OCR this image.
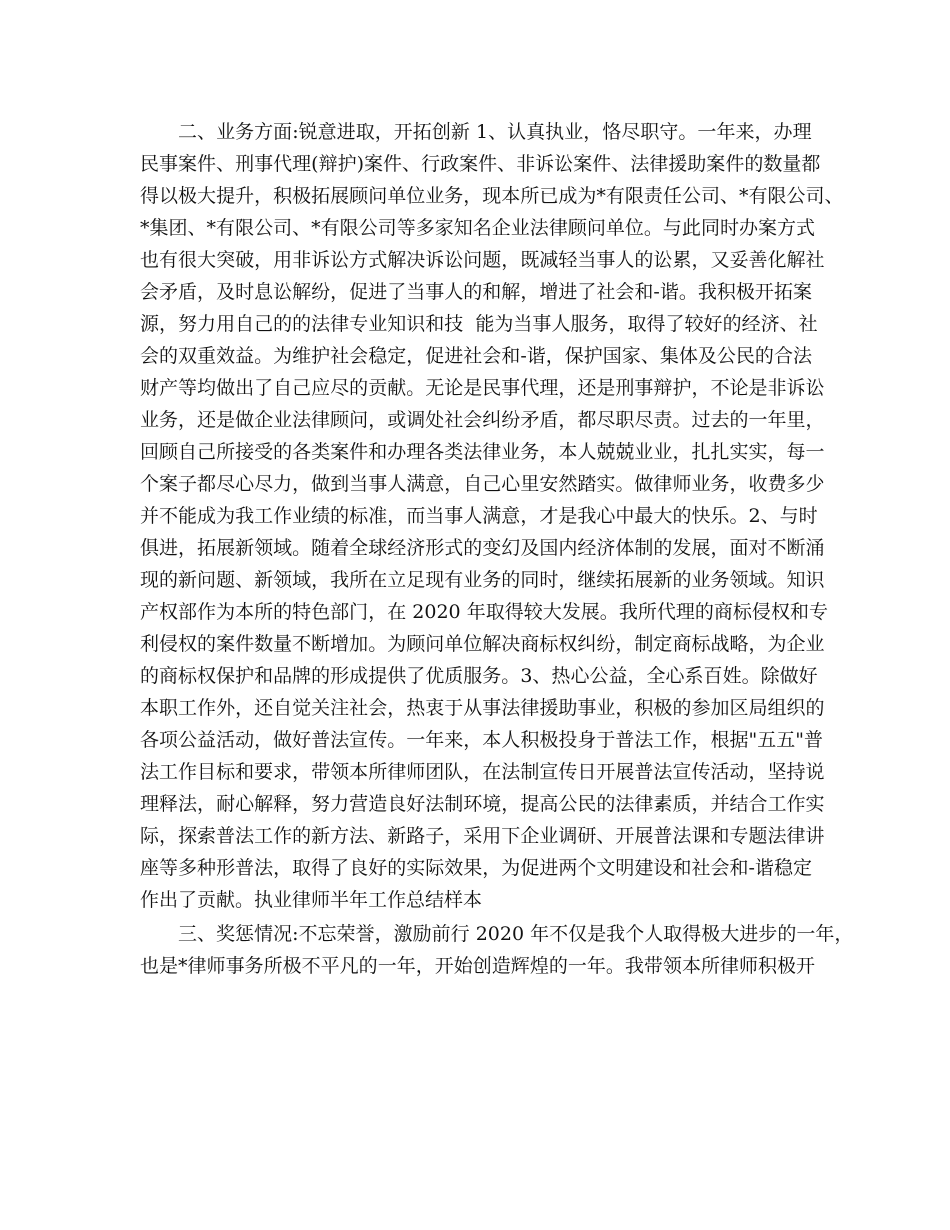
二 、 业 务 方 面 : 锐 意 进 取 ， 开 拓 创 新
1 、 认 真 执 业 ， 恪 尽 职 守 。 一 年 来 ， 办 理
民 事 案 件 、 刑 事 代 理 ( 辩 护 ) 案 件 、 行 政 案 件 、 非 诉 讼 案 件 、 法 律 援 助 案 件 的 数 量 都
得 以 极 大 提 升 ， 积 极 拓 展 顾 问 单 位 业 务 ， 现 本 所 已 成 为 * 有 限 责 任 公 司 、 * 有 限 公 司 、
* 集 团 、 * 有 限 公 司 、 * 有 限 公 司 等 多 家 知 名 企 业 法 律 顾 问 单 位 。 与 此 同 时 办 案 方 式
也 有 很 大 突 破 ， 用 非 诉 讼 方 式 解 决 诉 讼 问 题 ， 既 减 轻 当 事 人 的 讼 累 ， 又 妥 善 化 解 社
会 矛 盾 ， 及 时 息 讼 解 纷 ， 促 进 了 当 事 人 的 和 解 ， 增 进 了 社 会 和 - 谐 。 我 积 极 开 拓 案
源 ， 努 力 用 自 己 的 的 法 律 专 业 知 识 和 技

能 为 当 事 人 服 务 ， 取 得 了 较 好 的 经 济 、 社
会 的 双 重 效 益 。 为 维 护 社 会 稳 定 ， 促 进 社 会 和 - 谐 ， 保 护 国 家 、 集 体 及 公 民 的 合 法
财 产 等 均 做 出 了 自 己 应 尽 的 贡 献 。 无 论 是 民 事 代 理 ， 还 是 刑 事 辩 护 ， 不 论 是 非 诉 讼
业 务 ， 还 是 做 企 业 法 律 顾 问 ， 或 调 处 社 会 纠 纷 矛 盾 ， 都 尽 职 尽 责 。 过 去 的 一 年 里 ，
回 顾 自 己 所 接 受 的 各 类 案 件 和 办 理 各 类 法 律 业 务 ， 本 人 兢 兢 业 业 ， 扎 扎 实 实 ， 每 一
个 案 子 都 尽 心 尽 力 ， 做 到 当 事 人 满 意 ， 自 己 心 里 安 然 踏 实 。 做 律 师 业 务 ， 收 费 多 少
并 不 能 成 为 我 工 作 业 绩 的 标 准 ， 而 当 事 人 满 意 ， 才 是 我 心 中 最 大 的 快 乐 。 2 、 与 时
俱 进 ， 拓 展 新 领 域 。 随 着 全 球 经 济 形 式 的 变 幻 及 国 内 经 济 体 制 的 发 展 ， 面 对 不 断 涌
现 的 新 问 题 、 新 领 域 ， 我 所 在 立 足 现 有 业 务 的 同 时 ， 继 续 拓 展 新 的 业 务 领 域 。 知 识
产 权 部 作 为 本 所 的 特 色 部 门 ， 在
2 0 2 0
年 取 得 较 大 发 展 。 我 所 代 理 的 商 标 侵 权 和 专
利 侵 权 的 案 件 数 量 不 断 增 加 。 为 顾 问 单 位 解 决 商 标 权 纠 纷 ， 制 定 商 标 战 略 ， 为 企 业
的 商 标 权 保 护 和 品 牌 的 形 成 提 供 了 优 质 服 务 。 3 、 热 心 公 益 ， 全 心 系 百 姓 。 除 做 好
本 职 工 作 外 ， 还 自 觉 关 注 社 会 ， 热 衷 于 从 事 法 律 援 助 事 业 ， 积 极 的 参 加 区 局 组 织 的
各 项 公 益 活 动 ， 做 好 普 法 宣 传 。 一 年 来 ， 本 人 积 极 投 身 于 普 法 工 作 ， 根 据 " 五 五 " 普
法 工 作 目 标 和 要 求 ， 带 领 本 所 律 师 团 队 ， 在 法 制 宣 传 日 开 展 普 法 宣 传 活 动 ， 坚 持 说
理 释 法 ， 耐 心 解 释 ， 努 力 营 造 良 好 法 制 环 境 ， 提 高 公 民 的 法 律 素 质 ， 并 结 合 工 作 实
际 ， 探 索 普 法 工 作 的 新 方 法 、 新 路 子 ， 采 用 下 企 业 调 研 、 开 展 普 法 课 和 专 题 法 律 讲
座 等 多 种 形 普 法 ， 取 得 了 良 好 的 实 际 效 果 ， 为 促 进 两 个 文 明 建 设 和 社 会 和 - 谐 稳 定
作出了贡献。执业律师半年工作总结样本
三 、 奖 惩 情 况 : 不 忘 荣 誉 ， 激 励 前 行
2 0 2 0
年 不 仅 是 我 个 人 取 得 极 大 进 步 的 一 年 ，
也 是 * 律 师 事 务 所 极 不 平 凡 的 一 年 ， 开 始 创 造 辉 煌 的 一 年 。 我 带 领 本 所 律 师 积 极 开
